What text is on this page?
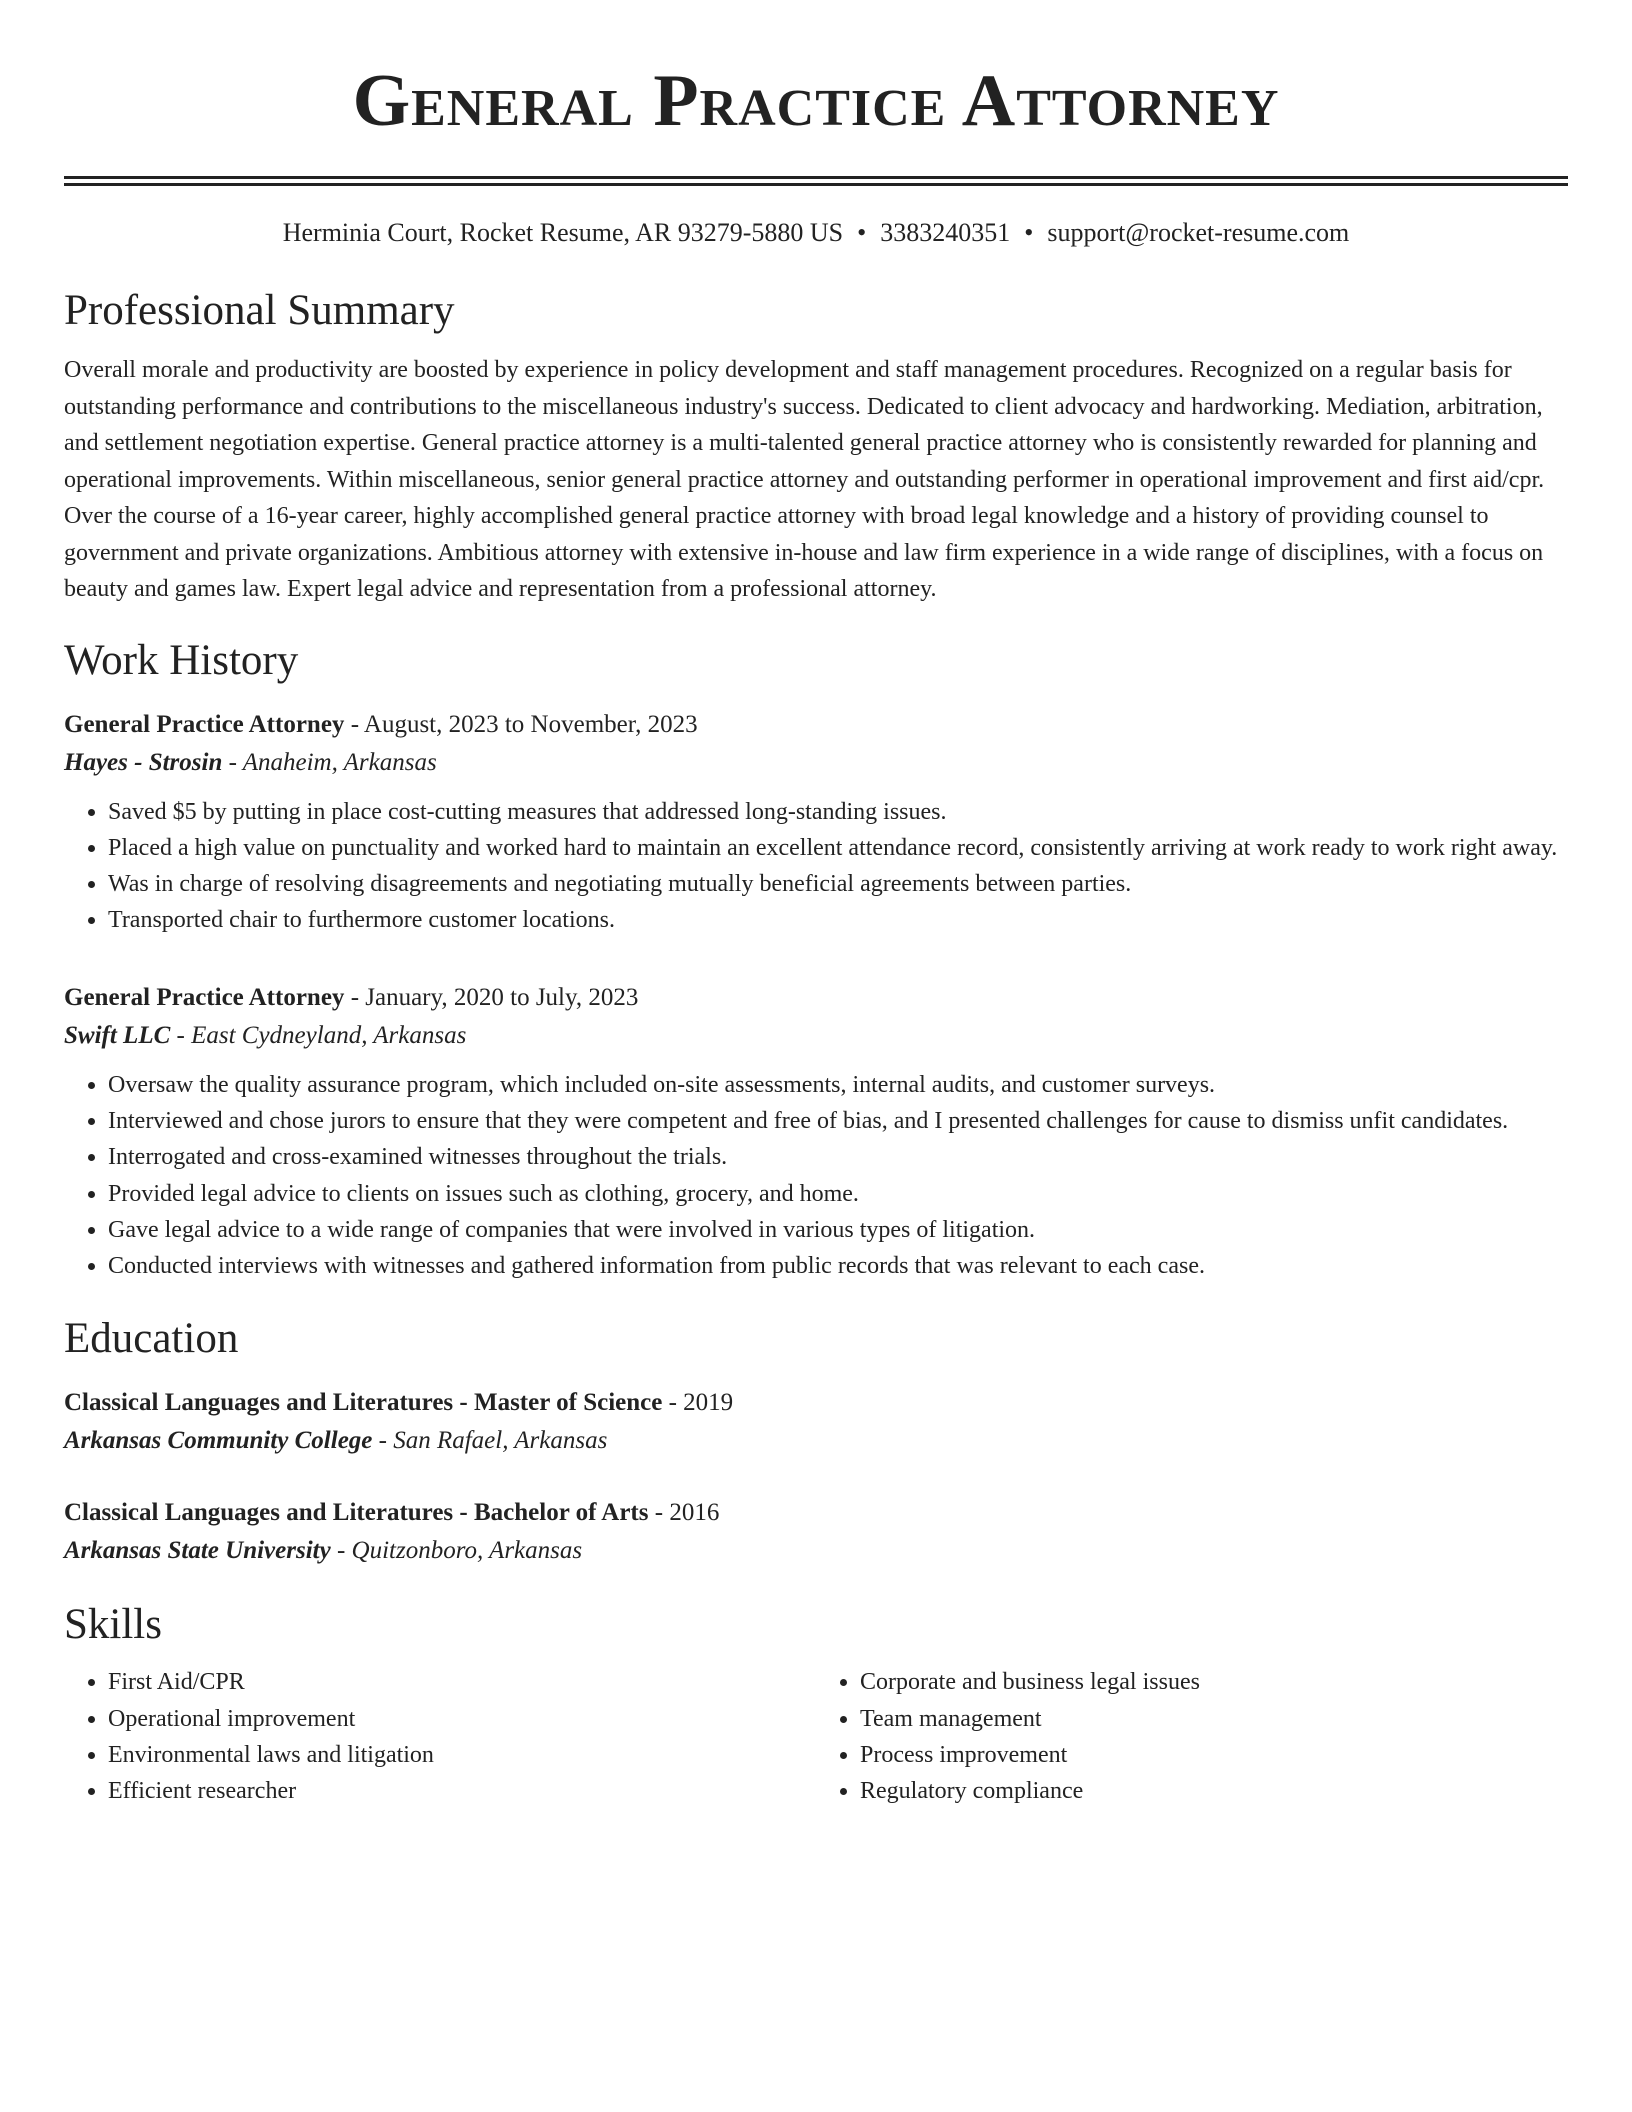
General Practice Attorney
Herminia Court, Rocket Resume, AR 93279-5880 US • 3383240351 • support@rocket-resume.com
Professional Summary

Overall morale and productivity are boosted by experience in policy development and staff management procedures. Recognized on a regular basis for outstanding performance and contributions to the miscellaneous industry's success. Dedicated to client advocacy and hardworking. Mediation, arbitration, and settlement negotiation expertise. General practice attorney is a multi-talented general practice attorney who is consistently rewarded for planning and operational improvements. Within miscellaneous, senior general practice attorney and outstanding performer in operational improvement and first aid/cpr. Over the course of a 16-year career, highly accomplished general practice attorney with broad legal knowledge and a history of providing counsel to government and private organizations. Ambitious attorney with extensive in-house and law firm experience in a wide range of disciplines, with a focus on beauty and games law. Expert legal advice and representation from a professional attorney.

Work History
General Practice Attorney - August, 2023 to November, 2023
Hayes - Strosin - Anaheim, Arkansas
• Saved $5 by putting in place cost-cutting measures that addressed long-standing issues.
• Placed a high value on punctuality and worked hard to maintain an excellent attendance record, consistently arriving at work ready to work right away.
• Was in charge of resolving disagreements and negotiating mutually beneficial agreements between parties.
• Transported chair to furthermore customer locations.
General Practice Attorney - January, 2020 to July, 2023
Swift LLC - East Cydneyland, Arkansas
• Oversaw the quality assurance program, which included on-site assessments, internal audits, and customer surveys.
• Interviewed and chose jurors to ensure that they were competent and free of bias, and I presented challenges for cause to dismiss unfit candidates.
• Interrogated and cross-examined witnesses throughout the trials.
• Provided legal advice to clients on issues such as clothing, grocery, and home.
• Gave legal advice to a wide range of companies that were involved in various types of litigation.
• Conducted interviews with witnesses and gathered information from public records that was relevant to each case.
Education
Classical Languages and Literatures - Master of Science - 2019
Arkansas Community College - San Rafael, Arkansas
Classical Languages and Literatures - Bachelor of Arts - 2016
Arkansas State University - Quitzonboro, Arkansas
Skills
• First Aid/CPR
• Operational improvement
• Environmental laws and litigation
• Efficient researcher
• Corporate and business legal issues
• Team management
• Process improvement
• Regulatory compliance
